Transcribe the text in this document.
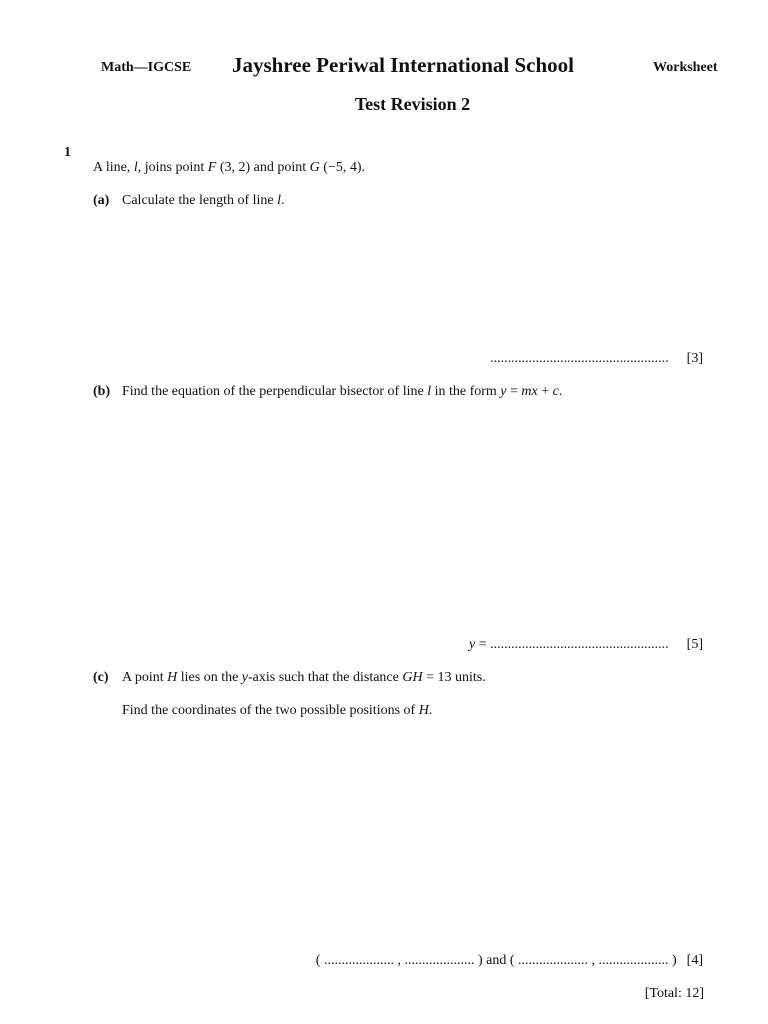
Math—IGCSE Jayshree Periwal International School	Worksheet
Test Revision 2
1
A line, l, joins point F (3, 2) and point G (−5, 4).
(a) Calculate the length of line l.
................................................... [3]
(b) Find the equation of the perpendicular bisector of line l in the form y = mx + c.
y = ................................................... [5]
(c) A point H lies on the y-axis such that the distance GH = 13 units.
Find the coordinates of the two possible positions of H.
( .................... , .................... ) and ( .................... , .................... ) [4]
[Total: 12]
